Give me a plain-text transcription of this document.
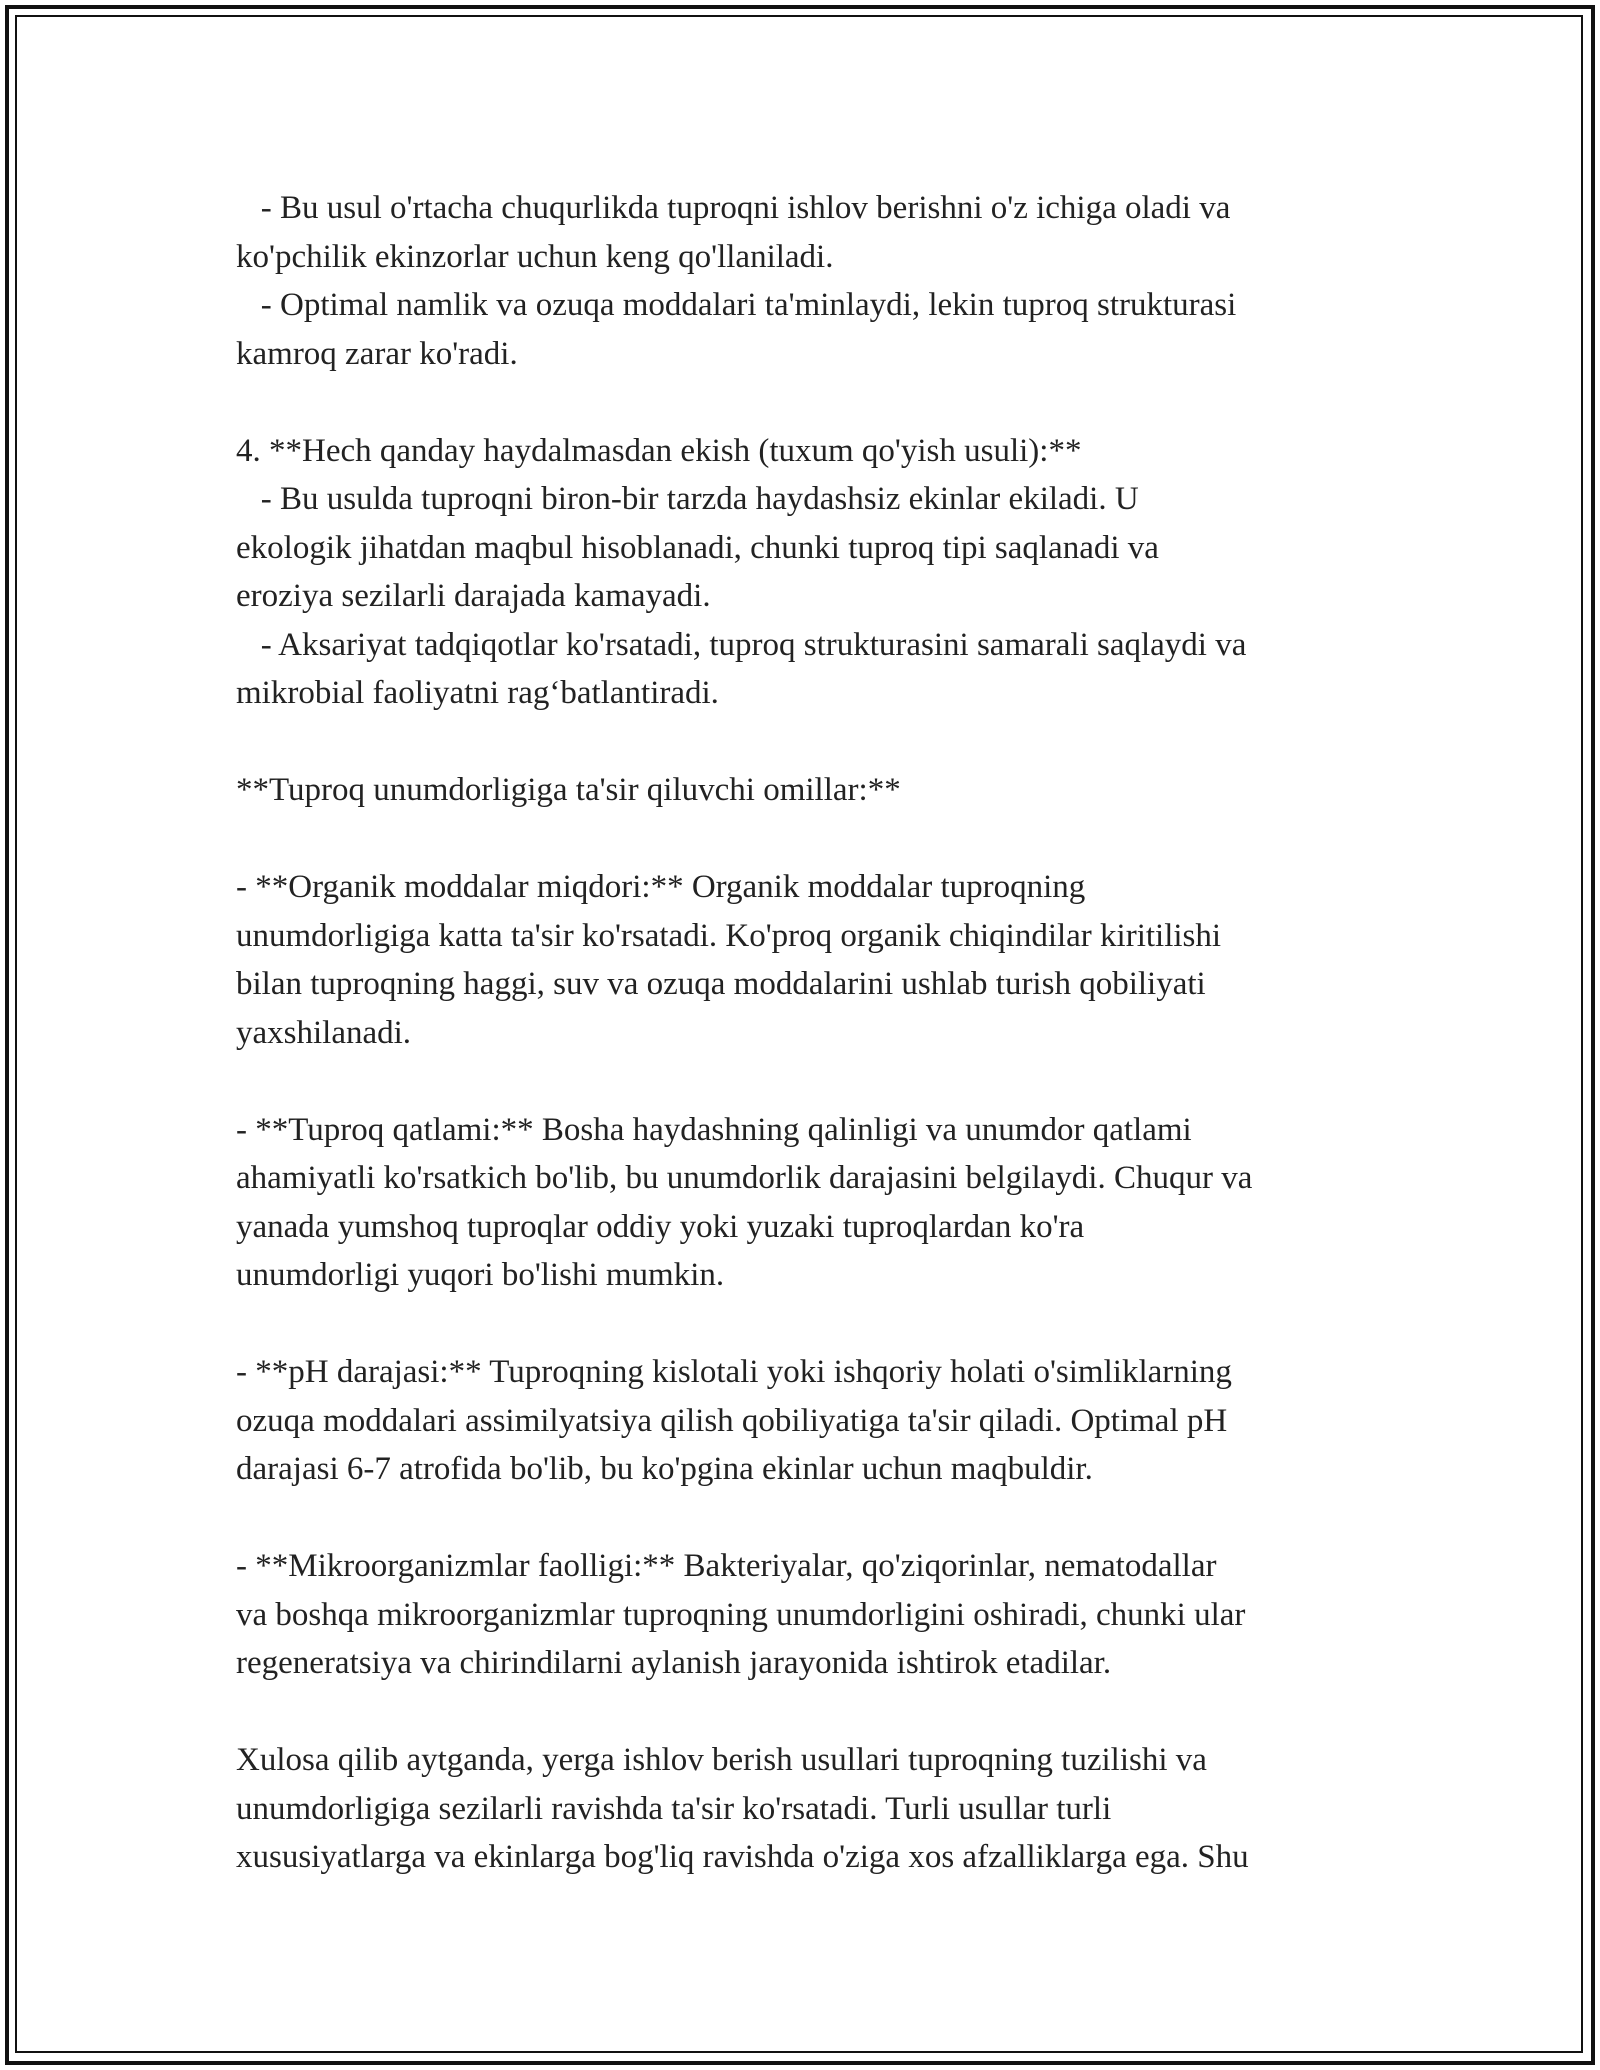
- Bu usul o'rtacha chuqurlikda tuproqni ishlov berishni o'z ichiga oladi va

ko'pchilik ekinzorlar uchun keng qo'llaniladi.

- Optimal namlik va ozuqa moddalari ta'minlaydi, lekin tuproq strukturasi

kamroq zarar ko'radi.

4. **Hech qanday haydalmasdan ekish (tuxum qo'yish usuli):**

- Bu usulda tuproqni biron-bir tarzda haydashsiz ekinlar ekiladi. U

ekologik jihatdan maqbul hisoblanadi, chunki tuproq tipi saqlanadi va

eroziya sezilarli darajada kamayadi.

- Aksariyat tadqiqotlar ko'rsatadi, tuproq strukturasini samarali saqlaydi va

mikrobial faoliyatni rag‘batlantiradi.

**Tuproq unumdorligiga ta'sir qiluvchi omillar:**

- **Organik moddalar miqdori:** Organik moddalar tuproqning

unumdorligiga katta ta'sir ko'rsatadi. Ko'proq organik chiqindilar kiritilishi

bilan tuproqning haggi, suv va ozuqa moddalarini ushlab turish qobiliyati

yaxshilanadi.

- **Tuproq qatlami:** Bosha haydashning qalinligi va unumdor qatlami

ahamiyatli ko'rsatkich bo'lib, bu unumdorlik darajasini belgilaydi. Chuqur va

yanada yumshoq tuproqlar oddiy yoki yuzaki tuproqlardan ko'ra

unumdorligi yuqori bo'lishi mumkin.

- **pH darajasi:** Tuproqning kislotali yoki ishqoriy holati o'simliklarning

ozuqa moddalari assimilyatsiya qilish qobiliyatiga ta'sir qiladi. Optimal pH

darajasi 6-7 atrofida bo'lib, bu ko'pgina ekinlar uchun maqbuldir.

- **Mikroorganizmlar faolligi:** Bakteriyalar, qo'ziqorinlar, nematodallar

va boshqa mikroorganizmlar tuproqning unumdorligini oshiradi, chunki ular

regeneratsiya va chirindilarni aylanish jarayonida ishtirok etadilar.

Xulosa qilib aytganda, yerga ishlov berish usullari tuproqning tuzilishi va

unumdorligiga sezilarli ravishda ta'sir ko'rsatadi. Turli usullar turli

xususiyatlarga va ekinlarga bog'liq ravishda o'ziga xos afzalliklarga ega. Shu
